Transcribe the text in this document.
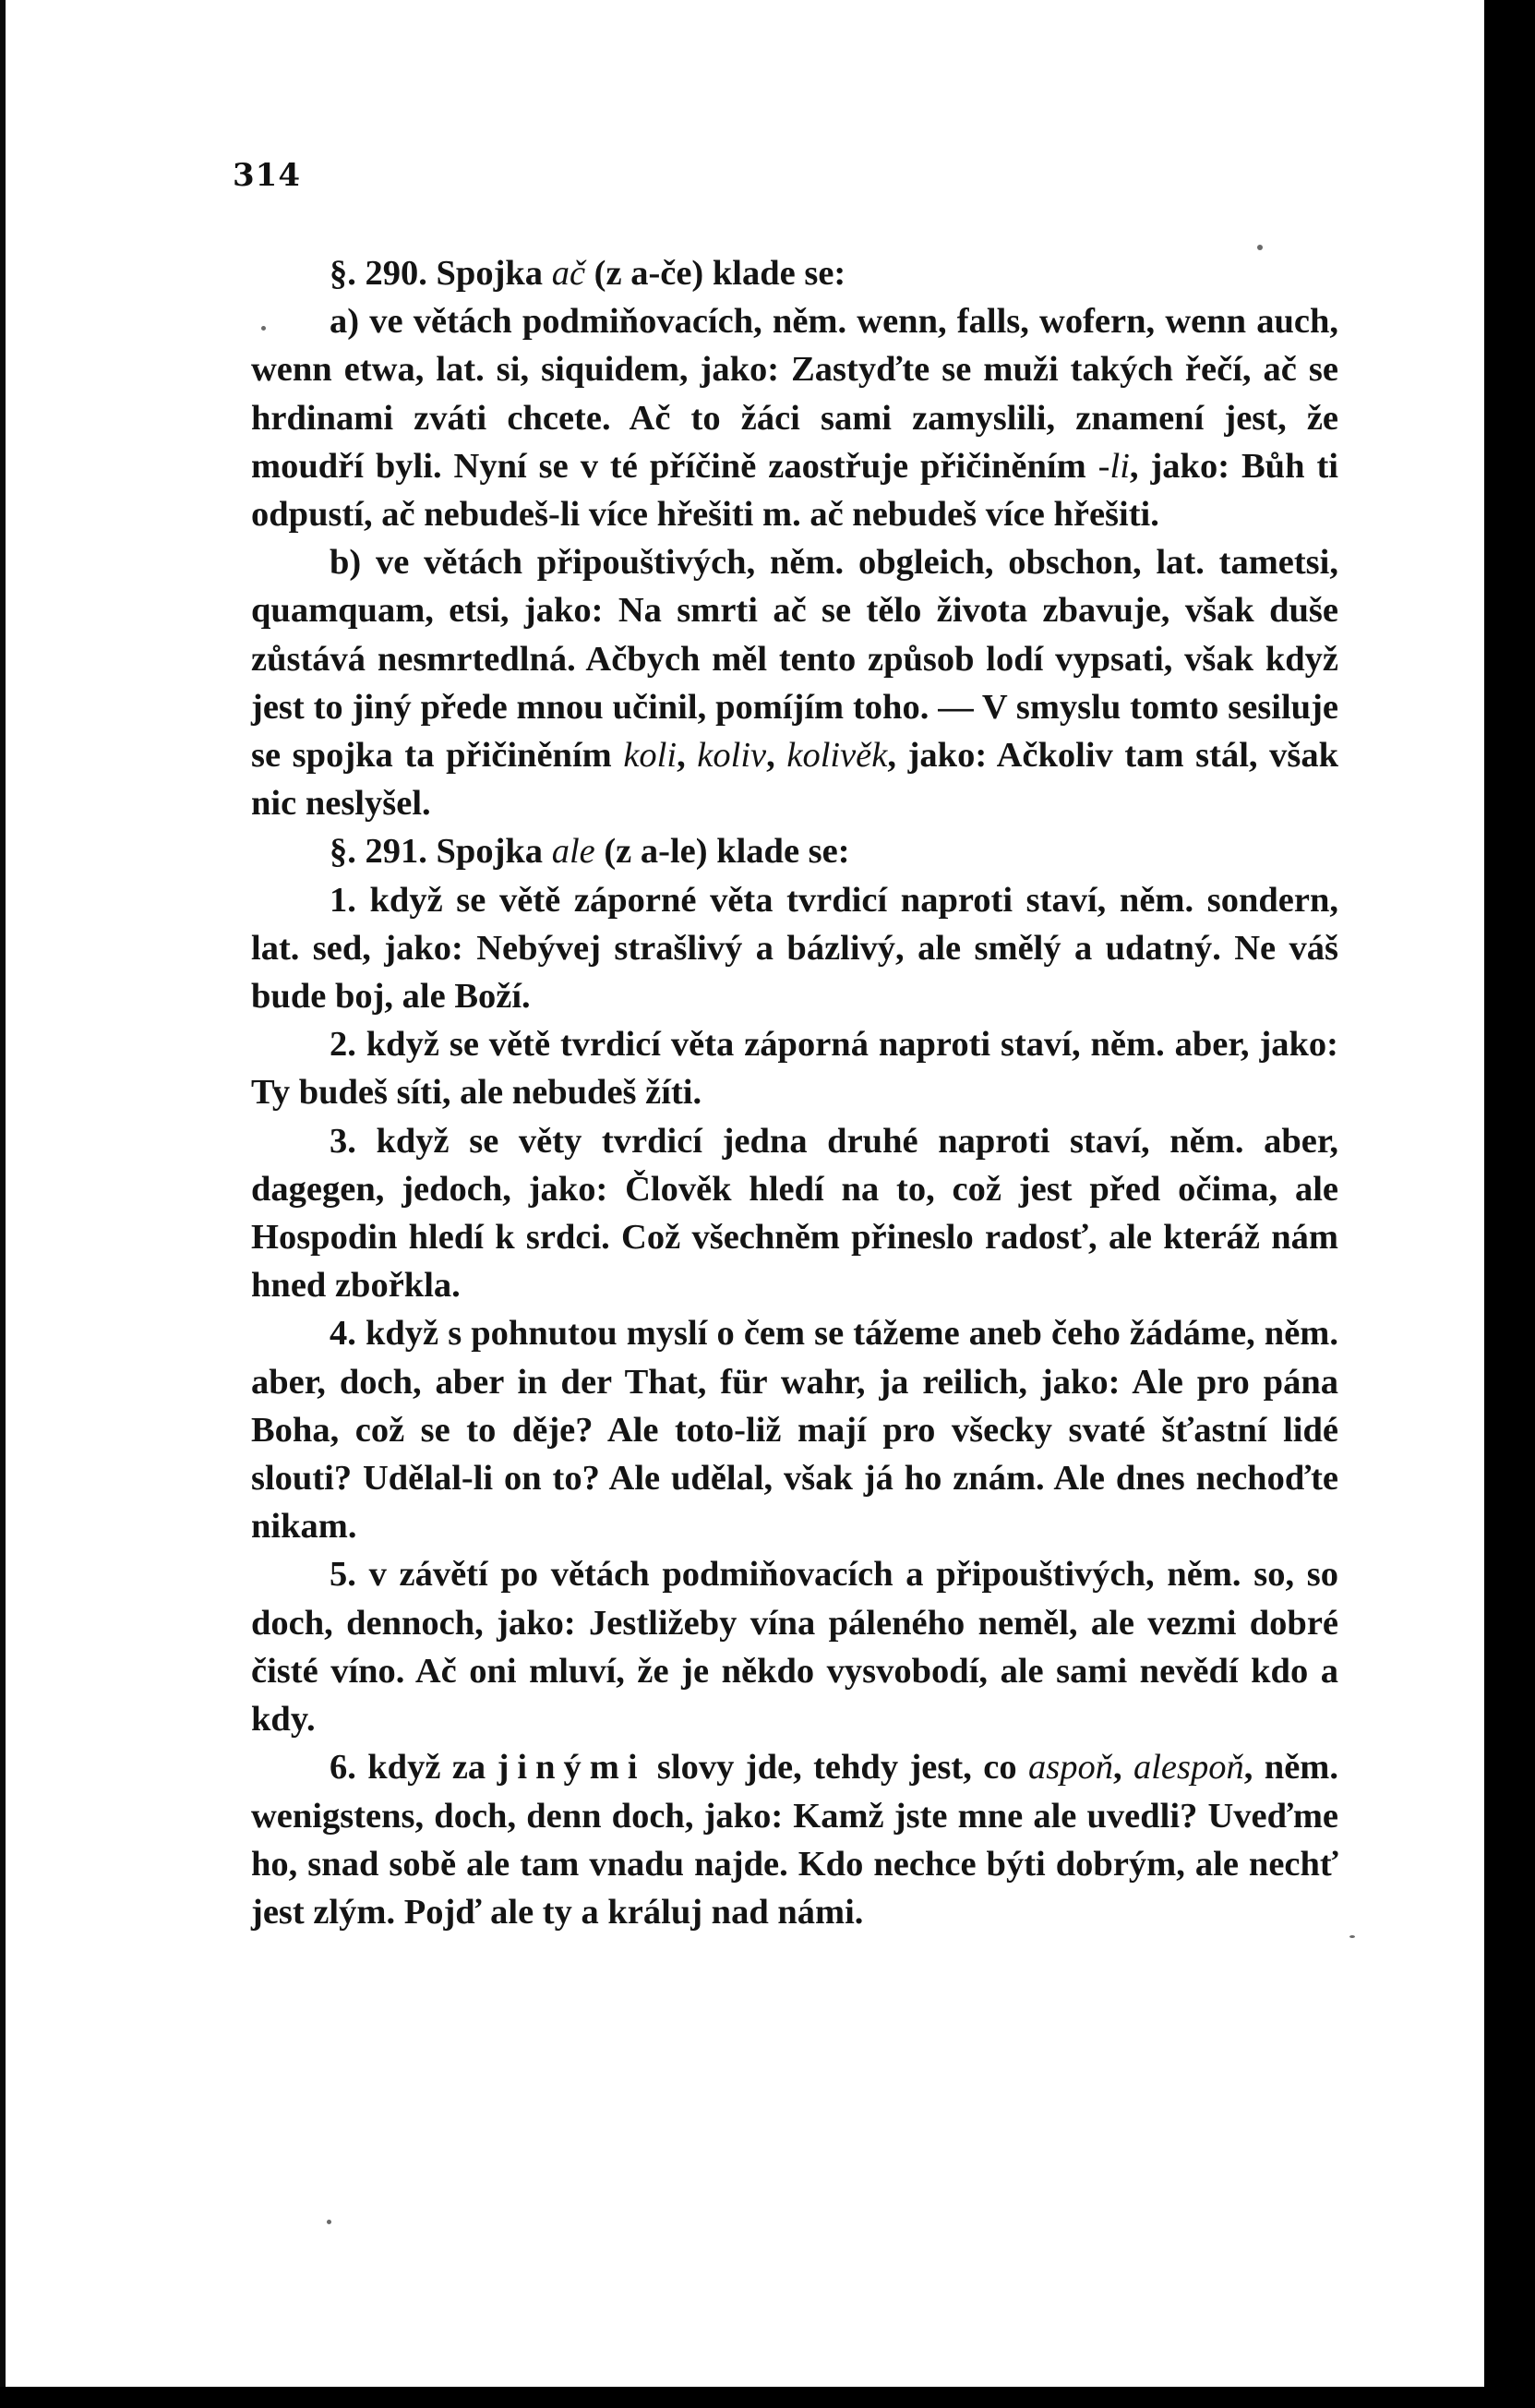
314

§. 290. Spojka ač (z a-če) klade se:

a) ve větách podmiňovacích, něm. wenn, falls, wofern, wenn auch, wenn etwa, lat. si, siquidem, jako: Zastyďte se muži takých řečí, ač se hrdinami zváti chcete. Ač to žáci sami zamyslili, znamení jest, že moudří byli. Nyní se v té příčině zaostřuje přičiněním -li, jako: Bůh ti odpustí, ač nebudeš-li více hřešiti m. ač nebudeš více hřešiti.

b) ve větách připouštivých, něm. obgleich, obschon, lat. tametsi, quamquam, etsi, jako: Na smrti ač se tělo života zbavuje, však duše zůstává nesmrtedlná. Ačbych měl tento způsob lodí vypsati, však když jest to jiný přede mnou učinil, pomíjím toho. — V smyslu tomto sesiluje se spojka ta přičiněním koli, koliv, kolivěk, jako: Ačkoliv tam stál, však nic neslyšel.

§. 291. Spojka ale (z a-le) klade se:

1. když se větě záporné věta tvrdicí naproti staví, něm. sondern, lat. sed, jako: Nebývej strašlivý a bázlivý, ale smělý a udatný. Ne váš bude boj, ale Boží.

2. když se větě tvrdicí věta záporná naproti staví, něm. aber, jako: Ty budeš síti, ale nebudeš žíti.

3. když se věty tvrdicí jedna druhé naproti staví, něm. aber, dagegen, jedoch, jako: Člověk hledí na to, což jest před očima, ale Hospodin hledí k srdci. Což všechněm přineslo radosť, ale kteráž nám hned zbořkla.

4. když s pohnutou myslí o čem se tážeme aneb čeho žádáme, něm. aber, doch, aber in der That, für wahr, ja reilich, jako: Ale pro pána Boha, což se to děje? Ale toto-liž mají pro všecky svaté šťastní lidé slouti? Udělal-li on to? Ale udělal, však já ho znám. Ale dnes nechoďte nikam.

5. v závětí po větách podmiňovacích a připouštivých, něm. so, so doch, dennoch, jako: Jestližeby vína páleného neměl, ale vezmi dobré čisté víno. Ač oni mluví, že je někdo vysvobodí, ale sami nevědí kdo a kdy.

6. když za jinými slovy jde, tehdy jest, co aspoň, alespoň, něm. wenigstens, doch, denn doch, jako: Kamž jste mne ale uvedli? Uveďme ho, snad sobě ale tam vnadu najde. Kdo nechce býti dobrým, ale nechť jest zlým. Pojď ale ty a králuj nad námi.
